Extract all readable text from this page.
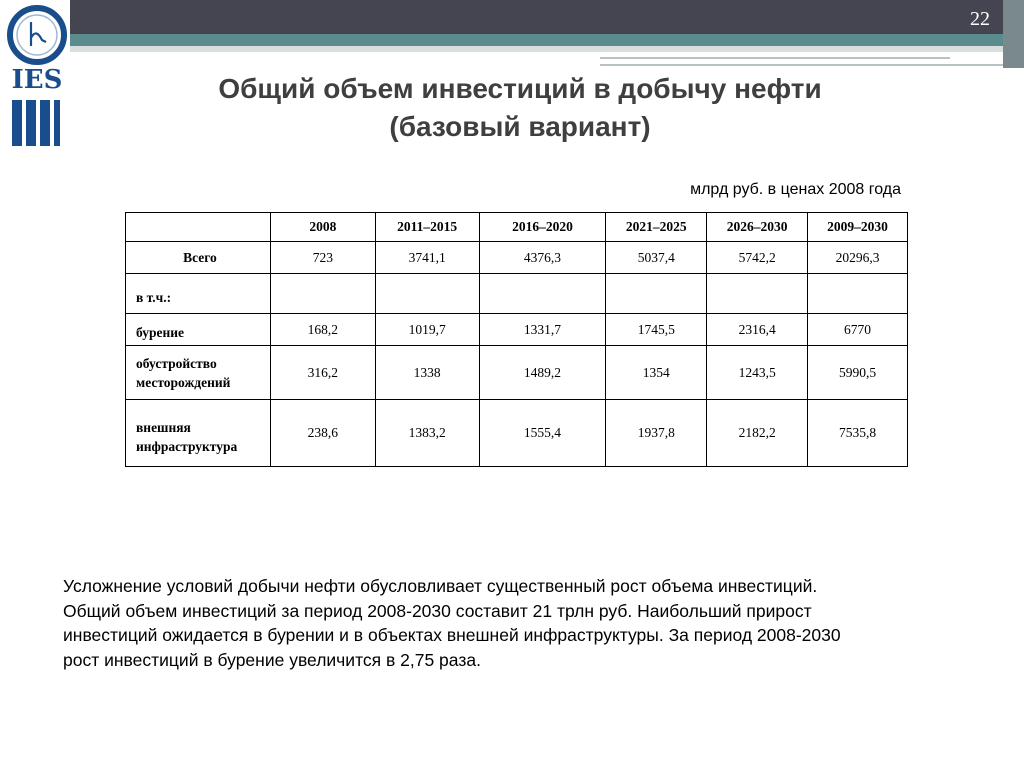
IES
22
Общий объем инвестиций в добычу нефти
(базовый вариант)
млрд руб. в ценах 2008 года
	2008	2011–2015	2016–2020	2021–2025	2026–2030	2009–2030
Всего	723	3741,1	4376,3	5037,4	5742,2	20296,3
в т.ч.:						
бурение	168,2	1019,7	1331,7	1745,5	2316,4	6770

обустройство
месторождений	316,2	1338	1489,2	1354	1243,5	5990,5

внешняя
инфраструктура	238,6	1383,2	1555,4	1937,8	2182,2	7535,8
Усложнение условий добычи нефти обусловливает существенный рост объема инвестиций.
Общий объем инвестиций за период 2008-2030 составит 21 трлн руб. Наибольший прирост
инвестиций ожидается в бурении и в объектах внешней инфраструктуры. За период 2008-2030
рост инвестиций в бурение увеличится в 2,75 раза.
